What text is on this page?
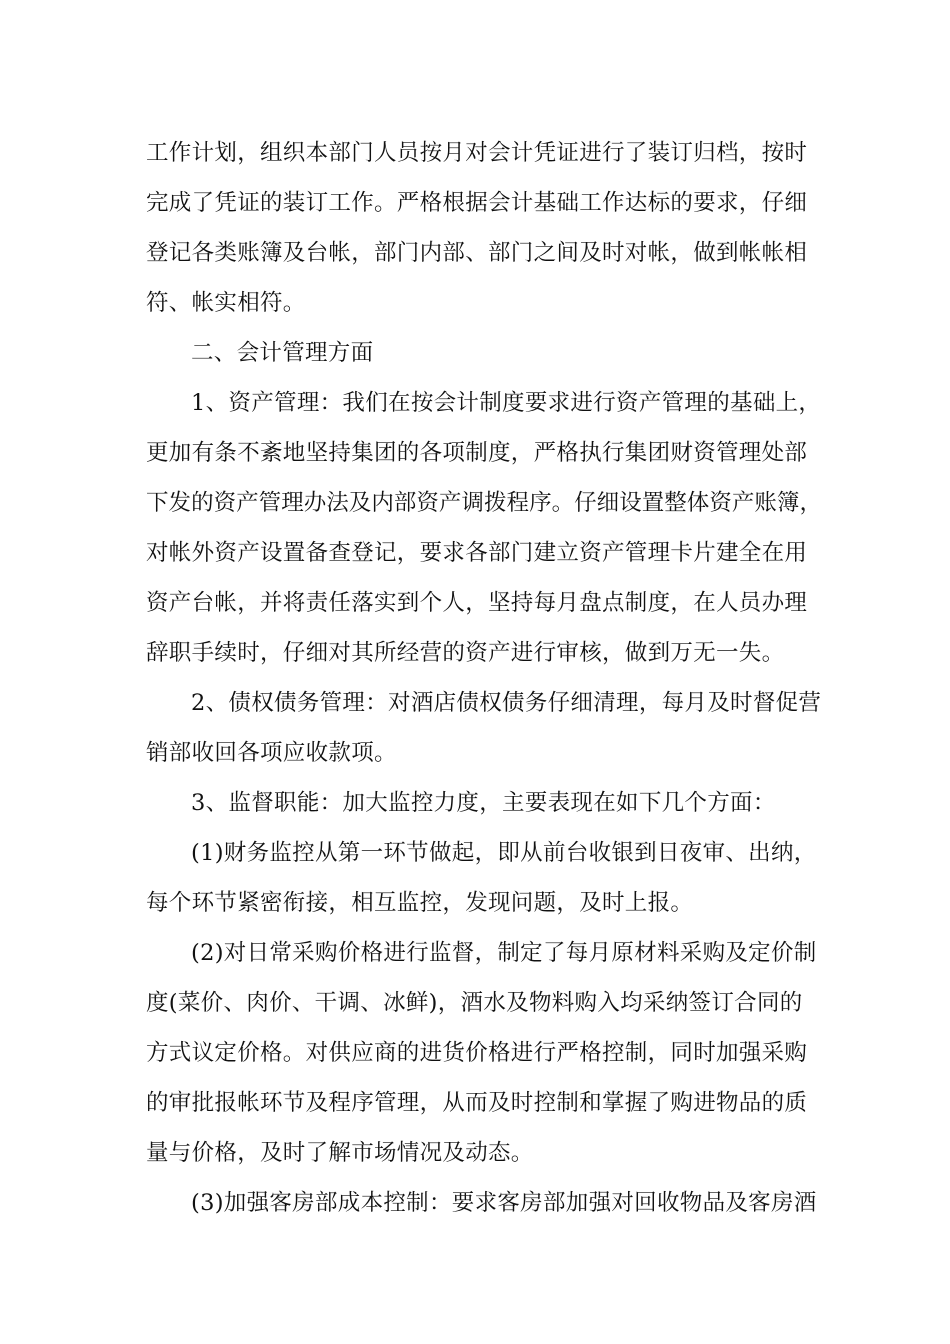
工作计划，组织本部门人员按月对会计凭证进行了装订归档，按时

完成了凭证的装订工作。严格根据会计基础工作达标的要求，仔细

登记各类账簿及台帐，部门内部、部门之间及时对帐，做到帐帐相

符、帐实相符。

二、会计管理方面

1、资产管理：我们在按会计制度要求进行资产管理的基础上，

更加有条不紊地坚持集团的各项制度，严格执行集团财资管理处部

下发的资产管理办法及内部资产调拨程序。仔细设置整体资产账簿，

对帐外资产设置备查登记，要求各部门建立资产管理卡片建全在用

资产台帐，并将责任落实到个人，坚持每月盘点制度，在人员办理

辞职手续时，仔细对其所经营的资产进行审核，做到万无一失。

2、债权债务管理：对酒店债权债务仔细清理，每月及时督促营

销部收回各项应收款项。

3、监督职能：加大监控力度，主要表现在如下几个方面：

(1)财务监控从第一环节做起，即从前台收银到日夜审、出纳，

每个环节紧密衔接，相互监控，发现问题，及时上报。

(2)对日常采购价格进行监督，制定了每月原材料采购及定价制

度(菜价、肉价、干调、冰鲜)，酒水及物料购入均采纳签订合同的

方式议定价格。对供应商的进货价格进行严格控制，同时加强采购

的审批报帐环节及程序管理，从而及时控制和掌握了购进物品的质

量与价格，及时了解市场情况及动态。

(3)加强客房部成本控制：要求客房部加强对回收物品及客房酒
